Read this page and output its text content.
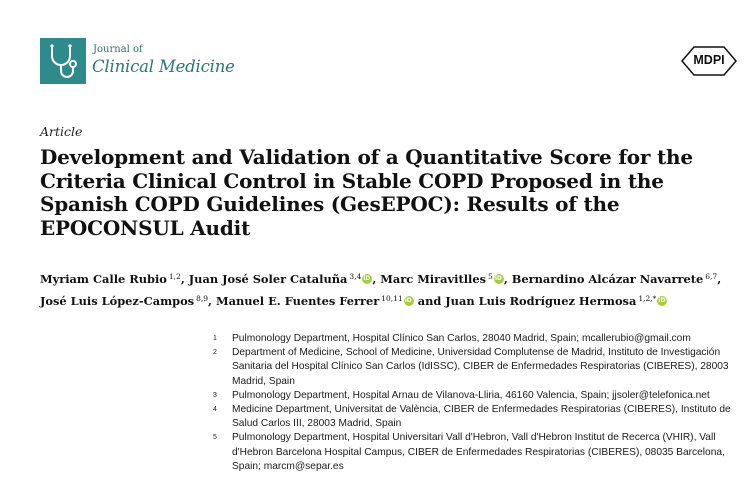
Journal of
Clinical Medicine	MDPI
Article
Development and Validation of a Quantitative Score for the Criteria Clinical Control in Stable COPD Proposed in the Spanish COPD Guidelines (GesEPOC): Results of the EPOCONSUL Audit
Myriam Calle Rubio $^{1,2}$, Juan José Soler Cataluña $^{3,4}$ iD , Marc Miravitlles $^5$ iD , Bernardino Alcázar Navarrete $^{6,7}$,
José Luis López-Campos $^{8,9}$, Manuel E. Fuentes Ferrer $^{10,11}$iD and Juan Luis Rodríguez Hermosa $^{1,2,*}$iD
1	Pulmonology Department, Hospital Clínico San Carlos, 28040 Madrid, Spain; mcallerubio@gmail.com
2	Department of Medicine, School of Medicine, Universidad Complutense de Madrid, Instituto de Investigación Sanitaria del Hospital Clínico San Carlos (IdISSC), CIBER de Enfermedades Respiratorias (CIBERES), 28003 Madrid, Spain
3	Pulmonology Department, Hospital Arnau de Vilanova-Lliria, 46160 Valencia, Spain; jjsoler@telefonica.net
4	Medicine Department, Universitat de València, CIBER de Enfermedades Respiratorias (CIBERES), Instituto de Salud Carlos III, 28003 Madrid, Spain
5	Pulmonology Department, Hospital Universitari Vall d'Hebron, Vall d'Hebron Institut de Recerca (VHIR), Vall d'Hebron Barcelona Hospital Campus, CIBER de Enfermedades Respiratorias (CIBERES), 08035 Barcelona, Spain; marcm@separ.es
